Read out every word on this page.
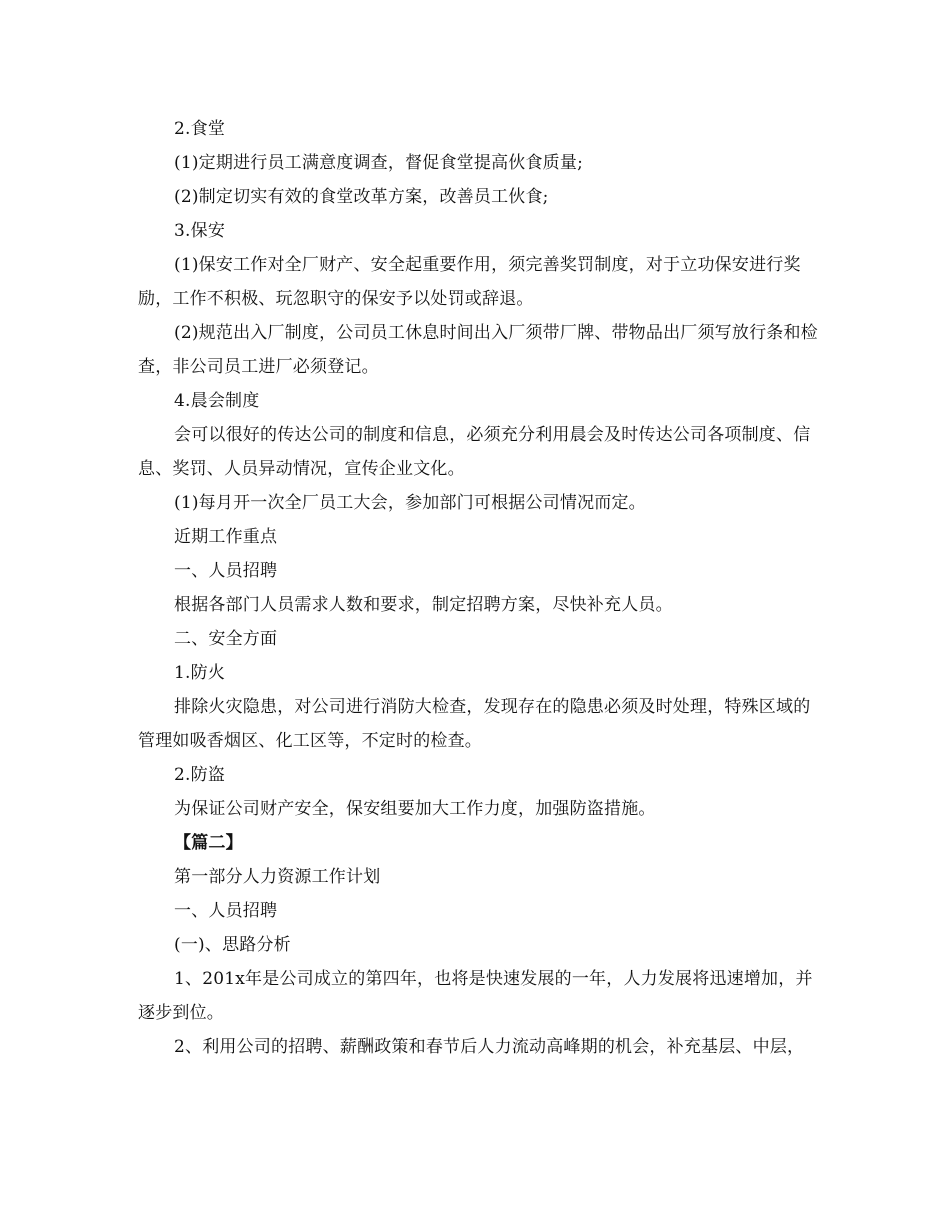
2.食堂

(1)定期进行员工满意度调查，督促食堂提高伙食质量;

(2)制定切实有效的食堂改革方案，改善员工伙食;

3.保安

(1)保安工作对全厂财产、安全起重要作用，须完善奖罚制度，对于立功保安进行奖励，工作不积极、玩忽职守的保安予以处罚或辞退。

(2)规范出入厂制度，公司员工休息时间出入厂须带厂牌、带物品出厂须写放行条和检查，非公司员工进厂必须登记。

4.晨会制度

会可以很好的传达公司的制度和信息，必须充分利用晨会及时传达公司各项制度、信息、奖罚、人员异动情况，宣传企业文化。

(1)每月开一次全厂员工大会，参加部门可根据公司情况而定。

近期工作重点

一、人员招聘

根据各部门人员需求人数和要求，制定招聘方案，尽快补充人员。

二、安全方面

1.防火

排除火灾隐患，对公司进行消防大检查，发现存在的隐患必须及时处理，特殊区域的管理如吸香烟区、化工区等，不定时的检查。

2.防盗

为保证公司财产安全，保安组要加大工作力度，加强防盗措施。

【篇二】

第一部分人力资源工作计划

一、人员招聘

(一)、思路分析

1、201x年是公司成立的第四年，也将是快速发展的一年，人力发展将迅速增加，并逐步到位。

2、利用公司的招聘、薪酬政策和春节后人力流动高峰期的机会，补充基层、中层，
